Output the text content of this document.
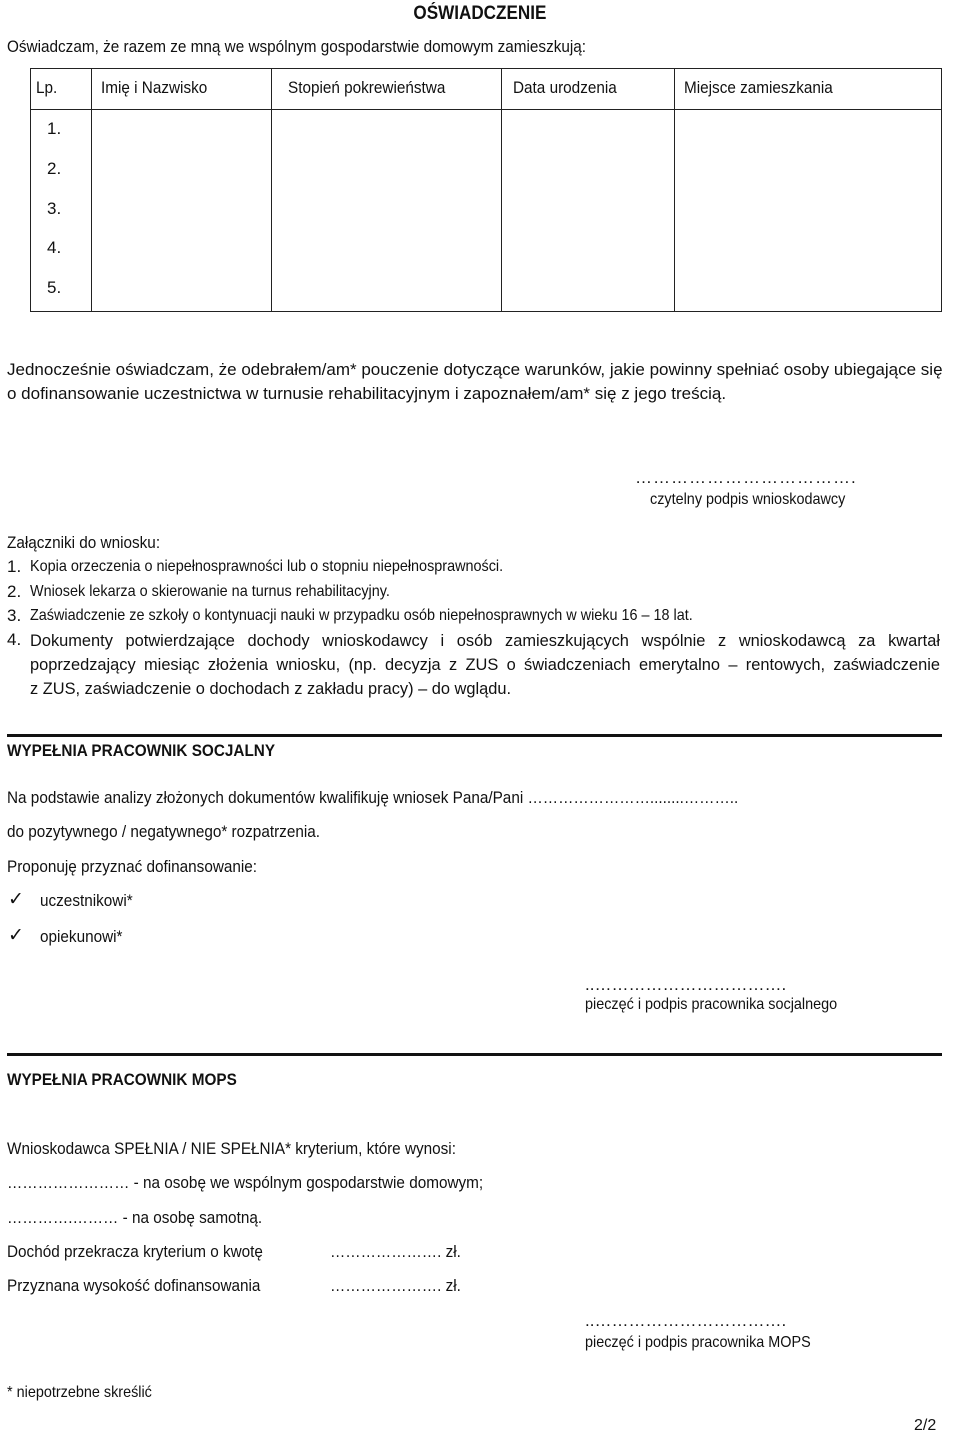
OŚWIADCZENIE
Oświadczam, że razem ze mną we wspólnym gospodarstwie domowym zamieszkują:
Lp.	Imię i Nazwisko	Stopień pokrewieństwa	Data urodzenia	Miejsce zamieszkania
1.
2.
3.
4.
5.
Jednocześnie oświadczam, że odebrałem/am* pouczenie dotyczące warunków, jakie powinny spełniać osoby ubiegające się o dofinansowanie uczestnictwa w turnusie rehabilitacyjnym i zapoznałem/am* się z jego treścią.
……………………………….
czytelny podpis wnioskodawcy
Załączniki do wniosku:
1. Kopia orzeczenia o niepełnosprawności lub o stopniu niepełnosprawności.
2. Wniosek lekarza o skierowanie na turnus rehabilitacyjny.
3. Zaświadczenie ze szkoły o kontynuacji nauki w przypadku osób niepełnosprawnych w wieku 16 – 18 lat.
4. Dokumenty potwierdzające dochody wnioskodawcy i osób zamieszkujących wspólnie z wnioskodawcą za kwartał
poprzedzający miesiąc złożenia wniosku, (np. decyzja z ZUS o świadczeniach emerytalno – rentowych, zaświadczenie
z ZUS, zaświadczenie o dochodach z zakładu pracy) – do wglądu.
WYPEŁNIA PRACOWNIK SOCJALNY
Na podstawie analizy złożonych dokumentów kwalifikuję wniosek Pana/Pani ……………………........………..
do pozytywnego / negatywnego* rozpatrzenia.
Proponuję przyznać dofinansowanie:
✓ uczestnikowi*
✓ opiekunowi*
..…………………………….
pieczęć i podpis pracownika socjalnego
WYPEŁNIA PRACOWNIK MOPS
Wnioskodawca SPEŁNIA / NIE SPEŁNIA* kryterium, które wynosi:
…………………… - na osobę we wspólnym gospodarstwie domowym;
………….……… - na osobę samotną.
Dochód przekracza kryterium o kwotę	…………………. zł.
Przyznana wysokość dofinansowania	…………………. zł.
..…………………………….
pieczęć i podpis pracownika MOPS
* niepotrzebne skreślić
2/2
